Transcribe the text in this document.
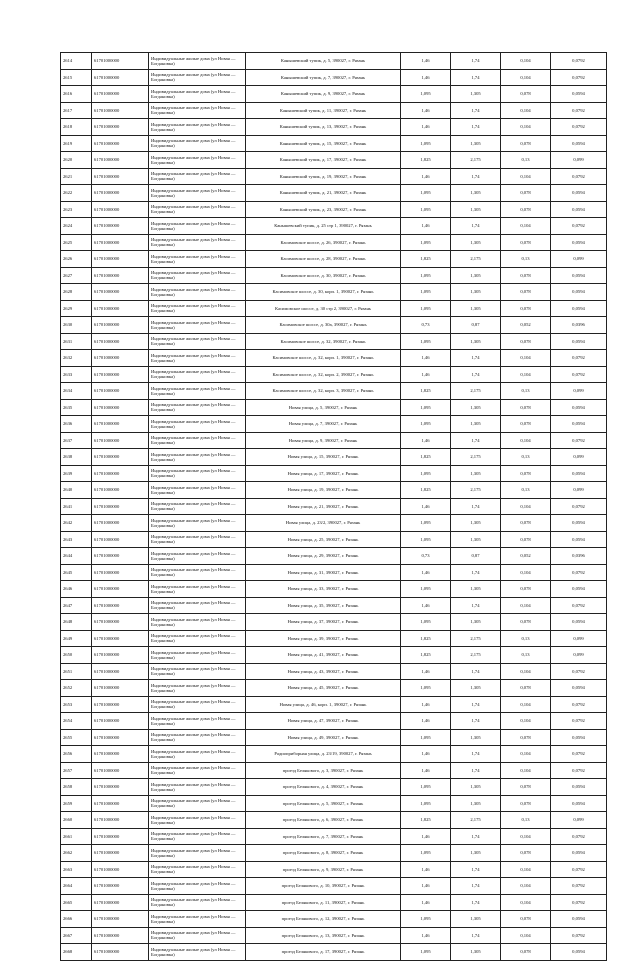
2614	61701000000	Индивидуальные жилые дома (ул Новая — Богдановка)	Канышевский тупик, д. 5, 390027, г. Рязань	1,46	1,74	0,104	0,0792
2615	61701000000	Индивидуальные жилые дома (ул Новая — Богдановка)	Канышевский тупик, д. 7, 390027, г. Рязань	1,46	1,74	0,104	0,0792
2616	61701000000	Индивидуальные жилые дома (ул Новая — Богдановка)	Канышевский тупик, д. 9, 390027, г. Рязань	1,095	1,305	0,078	0,0594
2617	61701000000	Индивидуальные жилые дома (ул Новая — Богдановка)	Канышевский тупик, д. 11, 390027, г. Рязань	1,46	1,74	0,104	0,0792
2618	61701000000	Индивидуальные жилые дома (ул Новая — Богдановка)	Канышевский тупик, д. 13, 390027, г. Рязань	1,46	1,74	0,104	0,0792
2619	61701000000	Индивидуальные жилые дома (ул Новая — Богдановка)	Канышевский тупик, д. 15, 390027, г. Рязань	1,095	1,305	0,078	0,0594
2620	61701000000	Индивидуальные жилые дома (ул Новая — Богдановка)	Канышевский тупик, д. 17, 390027, г. Рязань	1,825	2,175	0,13	0,099
2621	61701000000	Индивидуальные жилые дома (ул Новая — Богдановка)	Канышевский тупик, д. 19, 390027, г. Рязань	1,46	1,74	0,104	0,0792
2622	61701000000	Индивидуальные жилые дома (ул Новая — Богдановка)	Канышевский тупик, д. 21, 390027, г. Рязань	1,095	1,305	0,078	0,0594
2623	61701000000	Индивидуальные жилые дома (ул Новая — Богдановка)	Канышевский тупик, д. 23, 390027, г. Рязань	1,095	1,305	0,078	0,0594
2624	61701000000	Индивидуальные жилые дома (ул Новая — Богдановка)	Канышевский тупик, д. 25 стр 1, 390027, г. Рязань	1,46	1,74	0,104	0,0792
2625	61701000000	Индивидуальные жилые дома (ул Новая — Богдановка)	Касимовское шоссе, д. 26, 390027, г. Рязань	1,095	1,305	0,078	0,0594
2626	61701000000	Индивидуальные жилые дома (ул Новая — Богдановка)	Касимовское шоссе, д. 28, 390027, г. Рязань	1,825	2,175	0,13	0,099
2627	61701000000	Индивидуальные жилые дома (ул Новая — Богдановка)	Касимовское шоссе, д. 30, 390027, г. Рязань	1,095	1,305	0,078	0,0594
2628	61701000000	Индивидуальные жилые дома (ул Новая — Богдановка)	Касимовское шоссе, д. 30, корп. 1, 390027, г. Рязань	1,095	1,305	0,078	0,0594
2629	61701000000	Индивидуальные жилые дома (ул Новая — Богдановка)	Касимовское шоссе, д. 30 стр 2, 390027, г. Рязань	1,095	1,305	0,078	0,0594
2630	61701000000	Индивидуальные жилые дома (ул Новая — Богдановка)	Касимовское шоссе, д. 30а, 390027, г. Рязань	0,73	0,87	0,052	0,0396
2631	61701000000	Индивидуальные жилые дома (ул Новая — Богдановка)	Касимовское шоссе, д. 32, 390027, г. Рязань	1,095	1,305	0,078	0,0594
2632	61701000000	Индивидуальные жилые дома (ул Новая — Богдановка)	Касимовское шоссе, д. 32, корп. 1, 390027, г. Рязань	1,46	1,74	0,104	0,0792
2633	61701000000	Индивидуальные жилые дома (ул Новая — Богдановка)	Касимовское шоссе, д. 32, корп. 2, 390027, г. Рязань	1,46	1,74	0,104	0,0792
2634	61701000000	Индивидуальные жилые дома (ул Новая — Богдановка)	Касимовское шоссе, д. 32, корп. 3, 390027, г. Рязань	1,825	2,175	0,13	0,099
2635	61701000000	Индивидуальные жилые дома (ул Новая — Богдановка)	Новая улица, д. 5, 390027, г. Рязань	1,095	1,305	0,078	0,0594
2636	61701000000	Индивидуальные жилые дома (ул Новая — Богдановка)	Новая улица, д. 7, 390027, г. Рязань	1,095	1,305	0,078	0,0594
2637	61701000000	Индивидуальные жилые дома (ул Новая — Богдановка)	Новая улица, д. 9, 390027, г. Рязань	1,46	1,74	0,104	0,0792
2638	61701000000	Индивидуальные жилые дома (ул Новая — Богдановка)	Новая улица, д. 15, 390027, г. Рязань	1,825	2,175	0,13	0,099
2639	61701000000	Индивидуальные жилые дома (ул Новая — Богдановка)	Новая улица, д. 17, 390027, г. Рязань	1,095	1,305	0,078	0,0594
2640	61701000000	Индивидуальные жилые дома (ул Новая — Богдановка)	Новая улица, д. 19, 390027, г. Рязань	1,825	2,175	0,13	0,099
2641	61701000000	Индивидуальные жилые дома (ул Новая — Богдановка)	Новая улица, д. 21, 390027, г. Рязань	1,46	1,74	0,104	0,0792
2642	61701000000	Индивидуальные жилые дома (ул Новая — Богдановка)	Новая улица, д. 23/2, 390027, г. Рязань	1,095	1,305	0,078	0,0594
2643	61701000000	Индивидуальные жилые дома (ул Новая — Богдановка)	Новая улица, д. 25, 390027, г. Рязань	1,095	1,305	0,078	0,0594
2644	61701000000	Индивидуальные жилые дома (ул Новая — Богдановка)	Новая улица, д. 29, 390027, г. Рязань	0,73	0,87	0,052	0,0396
2645	61701000000	Индивидуальные жилые дома (ул Новая — Богдановка)	Новая улица, д. 31, 390027, г. Рязань	1,46	1,74	0,104	0,0792
2646	61701000000	Индивидуальные жилые дома (ул Новая — Богдановка)	Новая улица, д. 33, 390027, г. Рязань	1,095	1,305	0,078	0,0594
2647	61701000000	Индивидуальные жилые дома (ул Новая — Богдановка)	Новая улица, д. 35, 390027, г. Рязань	1,46	1,74	0,104	0,0792
2648	61701000000	Индивидуальные жилые дома (ул Новая — Богдановка)	Новая улица, д. 37, 390027, г. Рязань	1,095	1,305	0,078	0,0594
2649	61701000000	Индивидуальные жилые дома (ул Новая — Богдановка)	Новая улица, д. 39, 390027, г. Рязань	1,825	2,175	0,13	0,099
2650	61701000000	Индивидуальные жилые дома (ул Новая — Богдановка)	Новая улица, д. 41, 390027, г. Рязань	1,825	2,175	0,13	0,099
2651	61701000000	Индивидуальные жилые дома (ул Новая — Богдановка)	Новая улица, д. 43, 390027, г. Рязань	1,46	1,74	0,104	0,0792
2652	61701000000	Индивидуальные жилые дома (ул Новая — Богдановка)	Новая улица, д. 45, 390027, г. Рязань	1,095	1,305	0,078	0,0594
2653	61701000000	Индивидуальные жилые дома (ул Новая — Богдановка)	Новая улица, д. 46, корп. 1, 390027, г. Рязань	1,46	1,74	0,104	0,0792
2654	61701000000	Индивидуальные жилые дома (ул Новая — Богдановка)	Новая улица, д. 47, 390027, г. Рязань	1,46	1,74	0,104	0,0792
2655	61701000000	Индивидуальные жилые дома (ул Новая — Богдановка)	Новая улица, д. 49, 390027, г. Рязань	1,095	1,305	0,078	0,0594
2656	61701000000	Индивидуальные жилые дома (ул Новая — Богдановка)	Радиоприборная улица, д. 23/19, 390027, г. Рязань	1,46	1,74	0,104	0,0792
2657	61701000000	Индивидуальные жилые дома (ул Новая — Богдановка)	проезд Белякового, д. 3, 390027, г. Рязань	1,46	1,74	0,104	0,0792
2658	61701000000	Индивидуальные жилые дома (ул Новая — Богдановка)	проезд Белякового, д. 4, 390027, г. Рязань	1,095	1,305	0,078	0,0594
2659	61701000000	Индивидуальные жилые дома (ул Новая — Богдановка)	проезд Белякового, д. 5, 390027, г. Рязань	1,095	1,305	0,078	0,0594
2660	61701000000	Индивидуальные жилые дома (ул Новая — Богдановка)	проезд Белякового, д. 6, 390027, г. Рязань	1,825	2,175	0,13	0,099
2661	61701000000	Индивидуальные жилые дома (ул Новая — Богдановка)	проезд Белякового, д. 7, 390027, г. Рязань	1,46	1,74	0,104	0,0792
2662	61701000000	Индивидуальные жилые дома (ул Новая — Богдановка)	проезд Белякового, д. 8, 390027, г. Рязань	1,095	1,305	0,078	0,0594
2663	61701000000	Индивидуальные жилые дома (ул Новая — Богдановка)	проезд Белякового, д. 9, 390027, г. Рязань	1,46	1,74	0,104	0,0792
2664	61701000000	Индивидуальные жилые дома (ул Новая — Богдановка)	проезд Белякового, д. 10, 390027, г. Рязань	1,46	1,74	0,104	0,0792
2665	61701000000	Индивидуальные жилые дома (ул Новая — Богдановка)	проезд Белякового, д. 11, 390027, г. Рязань	1,46	1,74	0,104	0,0792
2666	61701000000	Индивидуальные жилые дома (ул Новая — Богдановка)	проезд Белякового, д. 12, 390027, г. Рязань	1,095	1,305	0,078	0,0594
2667	61701000000	Индивидуальные жилые дома (ул Новая — Богдановка)	проезд Белякового, д. 13, 390027, г. Рязань	1,46	1,74	0,104	0,0792
2668	61701000000	Индивидуальные жилые дома (ул Новая — Богдановка)	проезд Белякового, д. 17, 390027, г. Рязань	1,095	1,305	0,078	0,0594
